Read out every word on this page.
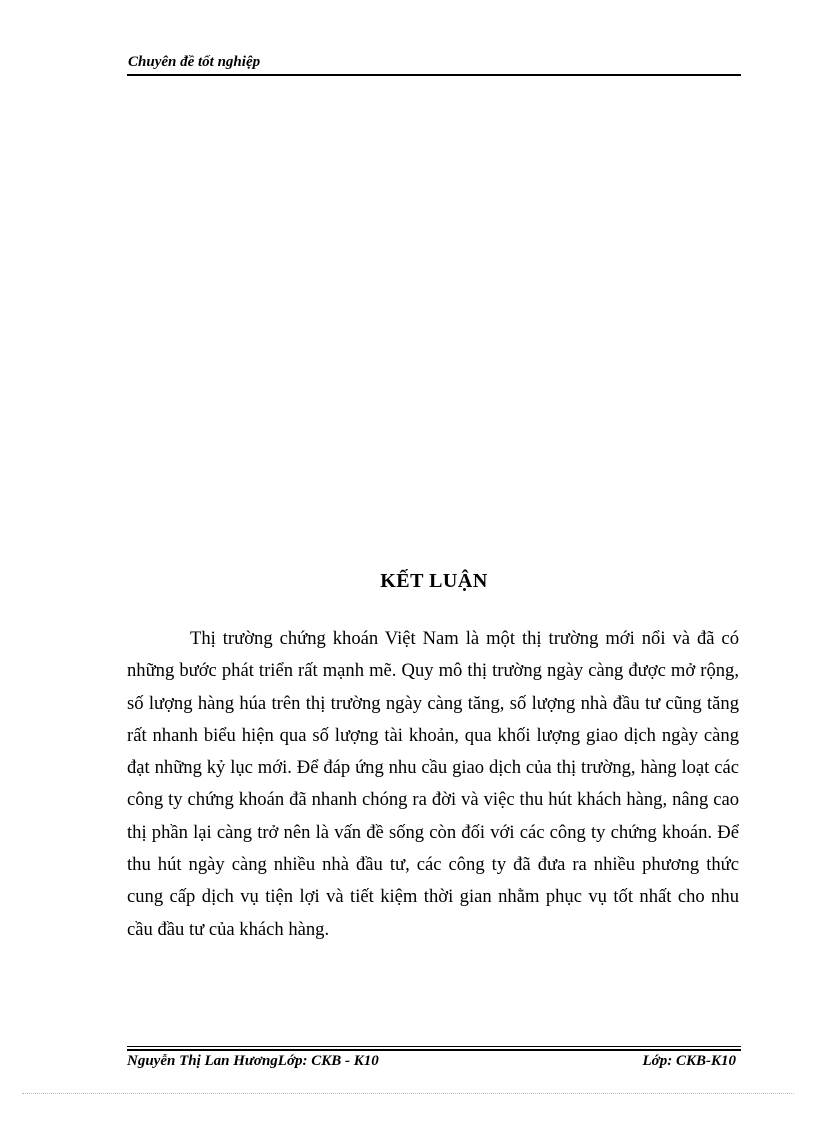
Chuyên đề tốt nghiệp
KẾT LUẬN

Thị trường chứng khoán Việt Nam là một thị trường mới nổi và đã có những bước phát triển rất mạnh mẽ. Quy mô thị trường ngày càng được mở rộng, số lượng hàng húa trên thị trường ngày càng tăng, số lượng nhà đầu tư cũng tăng rất nhanh biểu hiện qua số lượng tài khoản, qua khối lượng giao dịch ngày càng đạt những kỷ lục mới. Để đáp ứng nhu cầu giao dịch của thị trường, hàng loạt các công ty chứng khoán đã nhanh chóng ra đời và việc thu hút khách hàng, nâng cao thị phần lại càng trở nên là vấn đề sống còn đối với các công ty chứng khoán. Để thu hút ngày càng nhiều nhà đầu tư, các công ty đã đưa ra nhiều phương thức cung cấp dịch vụ tiện lợi và tiết kiệm thời gian nhằm phục vụ tốt nhất cho nhu cầu đầu tư của khách hàng.

Nguyễn Thị Lan HươngLớp: CKB - K10	Lớp: CKB-K10
